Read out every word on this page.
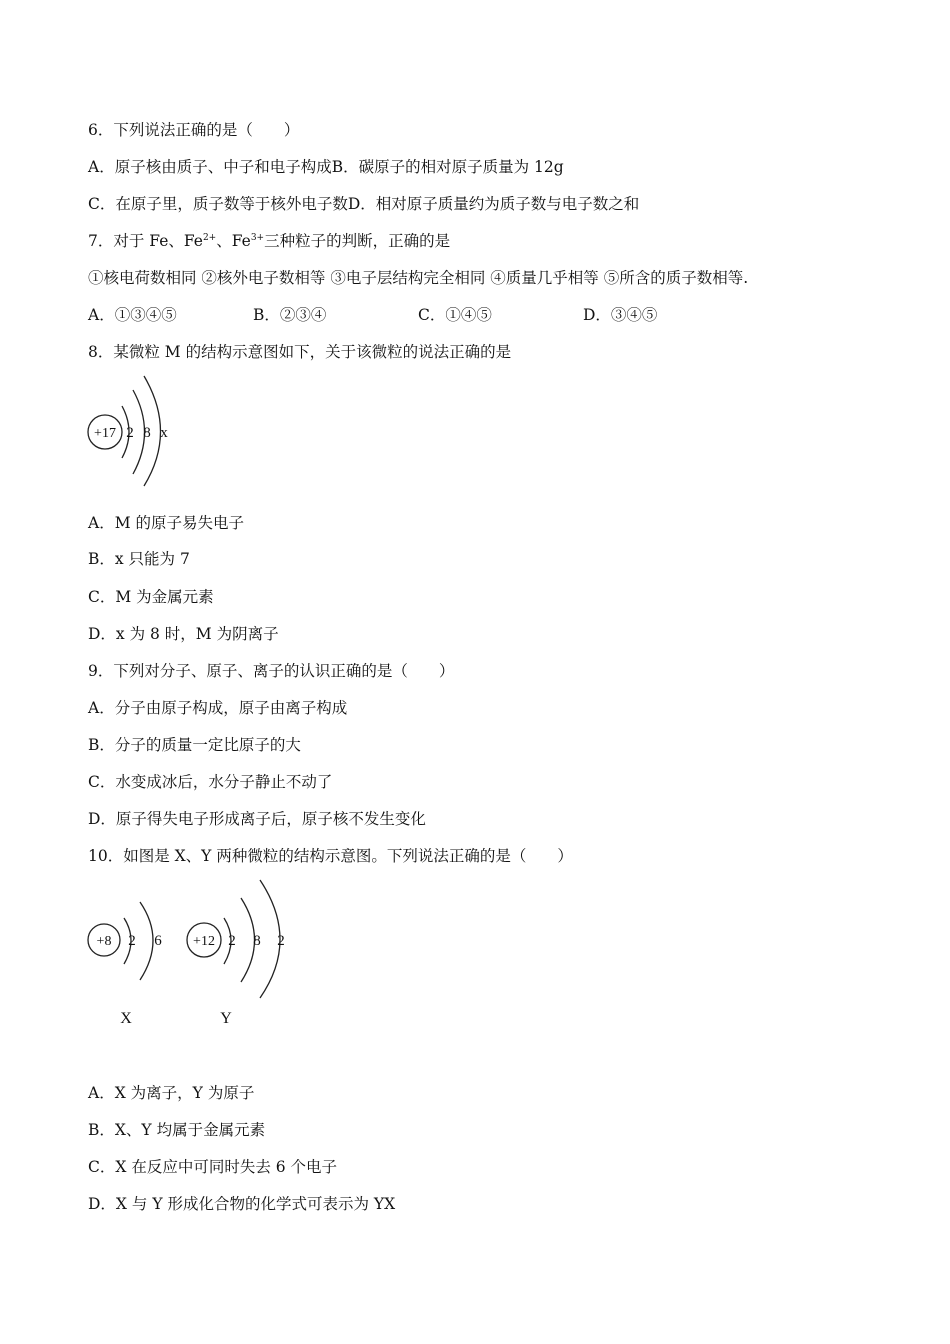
6．下列说法正确的是（　　）
A．原子核由质子、中子和电子构成B．碳原子的相对原子质量为 12g
C．在原子里，质子数等于核外电子数D．相对原子质量约为质子数与电子数之和
7．对于 Fe、$Fe^{2+}$、$Fe^{3+}$三种粒子的判断，正确的是
①核电荷数相同 ②核外电子数相等 ③电子层结构完全相同 ④质量几乎相等 ⑤所含的质子数相等.
A．①③④⑤	B．②③④	C．①④⑤	D．③④⑤
8．某微粒 M 的结构示意图如下，关于该微粒的说法正确的是
+17 2 8 x
A．M 的原子易失电子
B．x 只能为 7
C．M 为金属元素
D．x 为 8 时，M 为阴离子
9．下列对分子、原子、离子的认识正确的是（　　）
A．分子由原子构成，原子由离子构成
B．分子的质量一定比原子的大
C．水变成冰后，水分子静止不动了
D．原子得失电子形成离子后，原子核不发生变化
10．如图是 X、Y 两种微粒的结构示意图。下列说法正确的是（　　）
+8 2 6
X
+12 2 8 2
Y
A．X 为离子，Y 为原子
B．X、Y 均属于金属元素
C．X 在反应中可同时失去 6 个电子
D．X 与 Y 形成化合物的化学式可表示为 YX
